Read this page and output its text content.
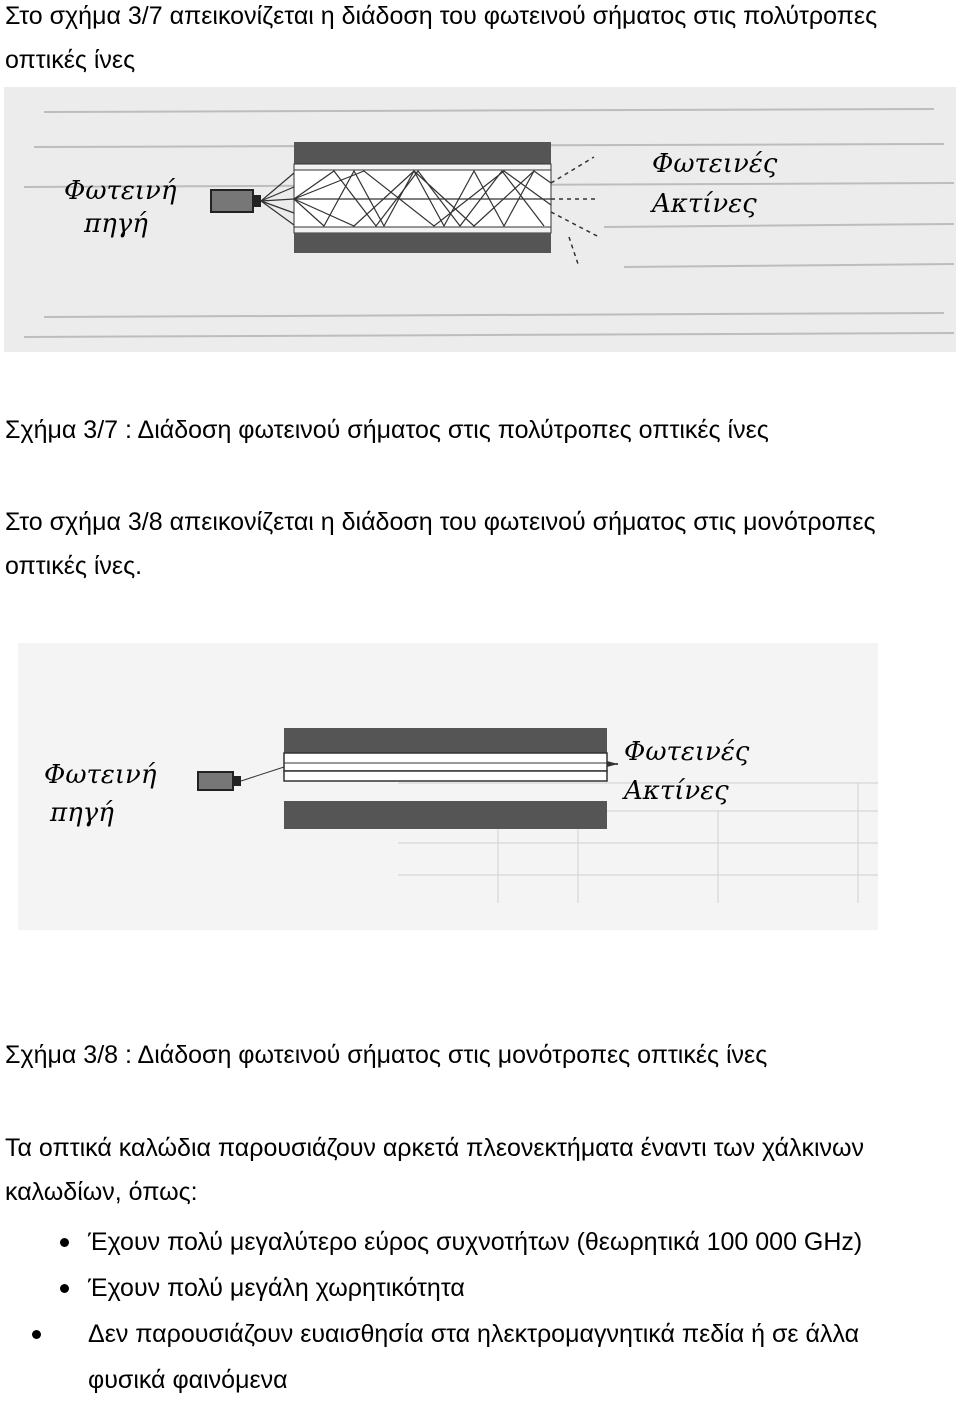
Στο σχήμα 3/7 απεικονίζεται η διάδοση του φωτεινού σήματος στις πολύτροπες οπτικές ίνες

Φωτεινή
πηγή
Φωτεινές
Ακτίνες

Σχήμα 3/7 : Διάδοση φωτεινού σήματος στις πολύτροπες οπτικές ίνες

Στο σχήμα 3/8 απεικονίζεται η διάδοση του φωτεινού σήματος στις μονότροπες οπτικές ίνες.

Φωτεινή
πηγή
Φωτεινές
Ακτίνες

Σχήμα 3/8 : Διάδοση φωτεινού σήματος στις μονότροπες οπτικές ίνες

Τα οπτικά καλώδια παρουσιάζουν αρκετά πλεονεκτήματα έναντι των χάλκινων καλωδίων, όπως:

Έχουν πολύ μεγαλύτερο εύρος συχνοτήτων (θεωρητικά 100 000 GHz)
Έχουν πολύ μεγάλη χωρητικότητα
Δεν παρουσιάζουν ευαισθησία στα ηλεκτρομαγνητικά πεδία ή σε άλλα φυσικά φαινόμενα
